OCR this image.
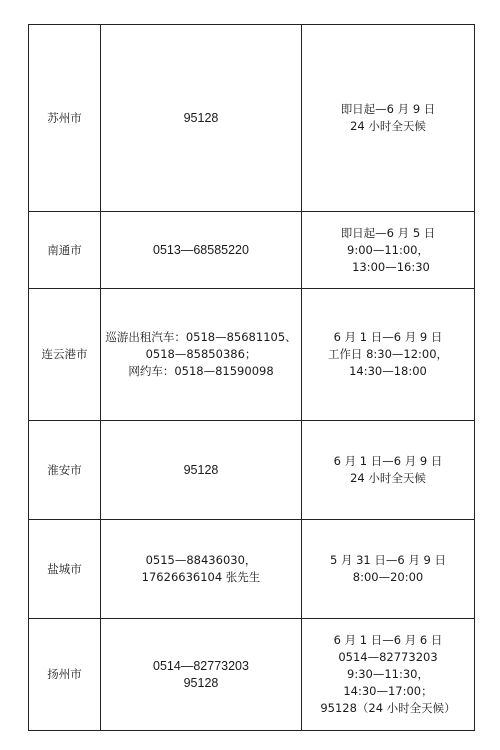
苏州市	95128	即日起—6 月 9 日
24 小时全天候

南通市	0513—68585220	即日起—6 月 5 日
9:00—11:00，
13:00—16:30

连云港市	巡游出租汽车：0518—85681105、
0518—85850386；
网约车：0518—81590098	6 月 1 日—6 月 9 日
工作日 8:30—12:00，
14:30—18:00

淮安市	95128	6 月 1 日—6 月 9 日
24 小时全天候

盐城市	0515—88436030，
17626636104 张先生	5 月 31 日—6 月 9 日
8:00—20:00

扬州市	0514—82773203
95128	6 月 1 日—6 月 6 日
0514—82773203
9:30—11:30，
14:30—17:00；
95128（24 小时全天候）
